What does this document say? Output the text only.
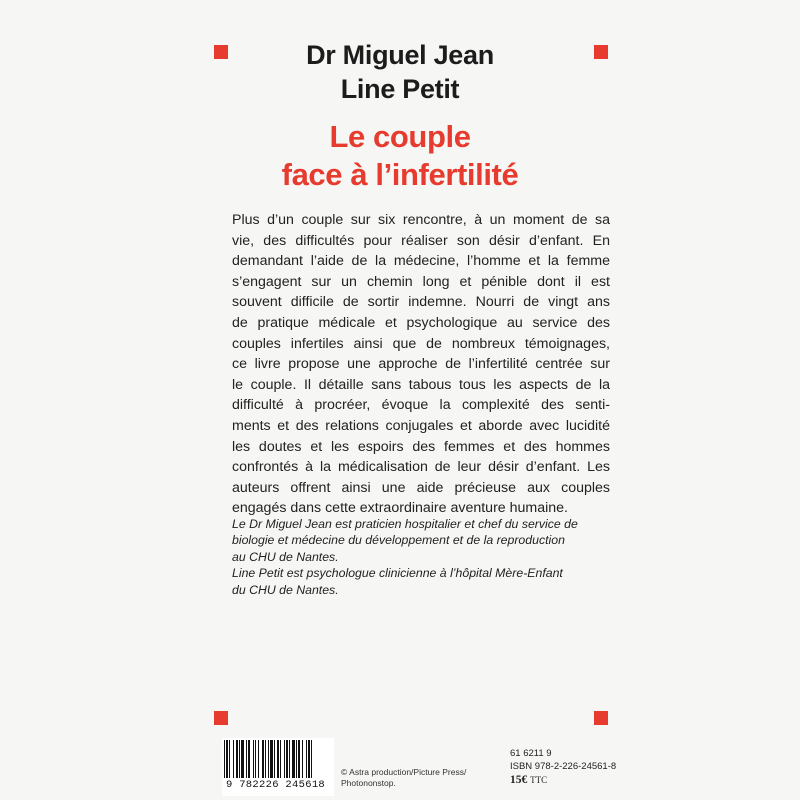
Dr Miguel Jean
Line Petit
Le couple
face à l’infertilité
Plus d’un couple sur six rencontre, à un moment de sa
vie, des difficultés pour réaliser son désir d’enfant. En
demandant l’aide de la médecine, l’homme et la femme
s’engagent sur un chemin long et pénible dont il est
souvent difficile de sortir indemne. Nourri de vingt ans
de pratique médicale et psychologique au service des
couples infertiles ainsi que de nombreux témoignages,
ce livre propose une approche de l’infertilité centrée sur
le couple. Il détaille sans tabous tous les aspects de la
difficulté à procréer, évoque la complexité des senti-
ments et des relations conjugales et aborde avec lucidité
les doutes et les espoirs des femmes et des hommes
confrontés à la médicalisation de leur désir d’enfant. Les
auteurs offrent ainsi une aide précieuse aux couples
engagés dans cette extraordinaire aventure humaine.
Le Dr Miguel Jean est praticien hospitalier et chef du service de
biologie et médecine du développement et de la reproduction
au CHU de Nantes.
Line Petit est psychologue clinicienne à l’hôpital Mère-Enfant
du CHU de Nantes.
9 782226 245618
© Astra production/Picture Press/
Photononstop.
61 6211 9
ISBN 978-2-226-24561-8
15€ TTC
